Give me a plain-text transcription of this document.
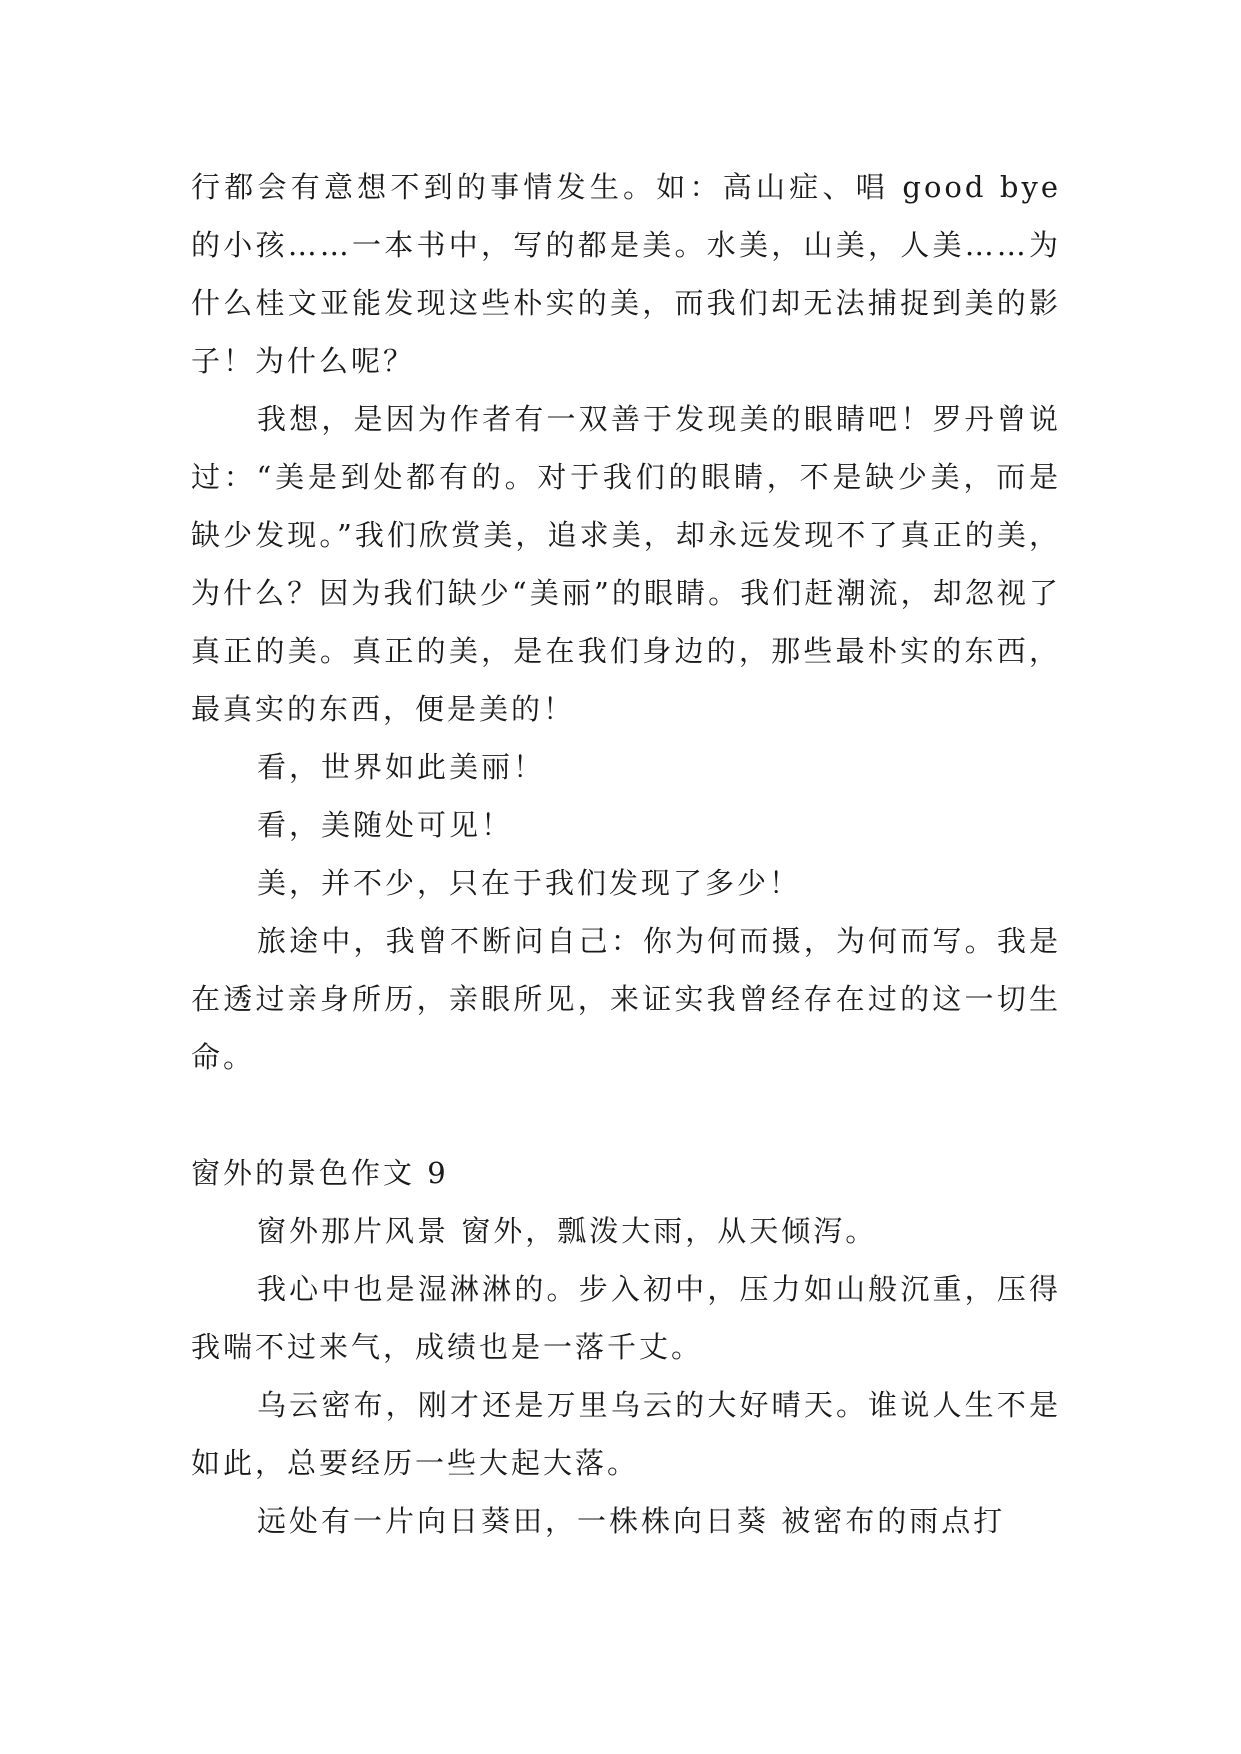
行都会有意想不到的事情发生。如：高山症、唱 good bye 的小孩……一本书中，写的都是美。水美，山美，人美……为什么桂文亚能发现这些朴实的美，而我们却无法捕捉到美的影子！为什么呢？

我想，是因为作者有一双善于发现美的眼睛吧！罗丹曾说过：“美是到处都有的。对于我们的眼睛，不是缺少美，而是缺少发现。”我们欣赏美，追求美，却永远发现不了真正的美，为什么？因为我们缺少“美丽”的眼睛。我们赶潮流，却忽视了真正的美。真正的美，是在我们身边的，那些最朴实的东西，最真实的东西，便是美的！

看，世界如此美丽！

看，美随处可见！

美，并不少，只在于我们发现了多少！

旅途中，我曾不断问自己：你为何而摄，为何而写。我是在透过亲身所历，亲眼所见，来证实我曾经存在过的这一切生命。

窗外的景色作文 9

窗外那片风景 窗外，瓢泼大雨，从天倾泻。

我心中也是湿淋淋的。步入初中，压力如山般沉重，压得我喘不过来气，成绩也是一落千丈。

乌云密布，刚才还是万里乌云的大好晴天。谁说人生不是如此，总要经历一些大起大落。

远处有一片向日葵田，一株株向日葵 被密布的雨点打
